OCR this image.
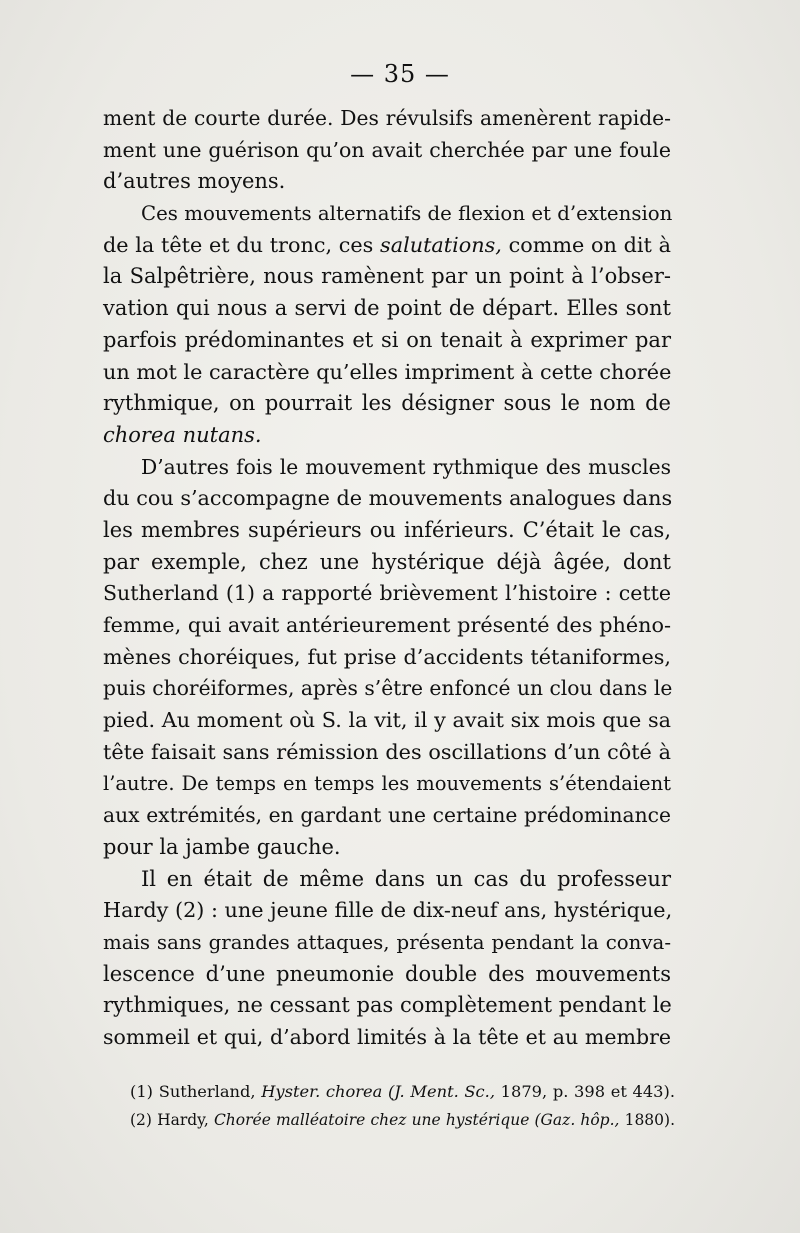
— 35 —
ment de courte durée. Des révulsifs amenèrent rapide-
ment une guérison qu’on avait cherchée par une foule
d’autres moyens.
Ces mouvements alternatifs de flexion et d’extension
de la tête et du tronc, ces salutations, comme on dit à
la Salpêtrière, nous ramènent par un point à l’obser-
vation qui nous a servi de point de départ. Elles sont
parfois prédominantes et si on tenait à exprimer par
un mot le caractère qu’elles impriment à cette chorée
rythmique, on pourrait les désigner sous le nom de
chorea nutans.
D’autres fois le mouvement rythmique des muscles
du cou s’accompagne de mouvements analogues dans
les membres supérieurs ou inférieurs. C’était le cas,
par exemple, chez une hystérique déjà âgée, dont
Sutherland (1) a rapporté brièvement l’histoire : cette
femme, qui avait antérieurement présenté des phéno-
mènes choréiques, fut prise d’accidents tétaniformes,
puis choréiformes, après s’être enfoncé un clou dans le
pied. Au moment où S. la vit, il y avait six mois que sa
tête faisait sans rémission des oscillations d’un côté à
l’autre. De temps en temps les mouvements s’étendaient
aux extrémités, en gardant une certaine prédominance
pour la jambe gauche.
Il en était de même dans un cas du professeur
Hardy (2) : une jeune fille de dix-neuf ans, hystérique,
mais sans grandes attaques, présenta pendant la conva-
lescence d’une pneumonie double des mouvements
rythmiques, ne cessant pas complètement pendant le
sommeil et qui, d’abord limités à la tête et au membre
(1) Sutherland, Hyster. chorea (J. Ment. Sc., 1879, p. 398 et 443).
(2) Hardy, Chorée malléatoire chez une hystérique (Gaz. hôp., 1880).
